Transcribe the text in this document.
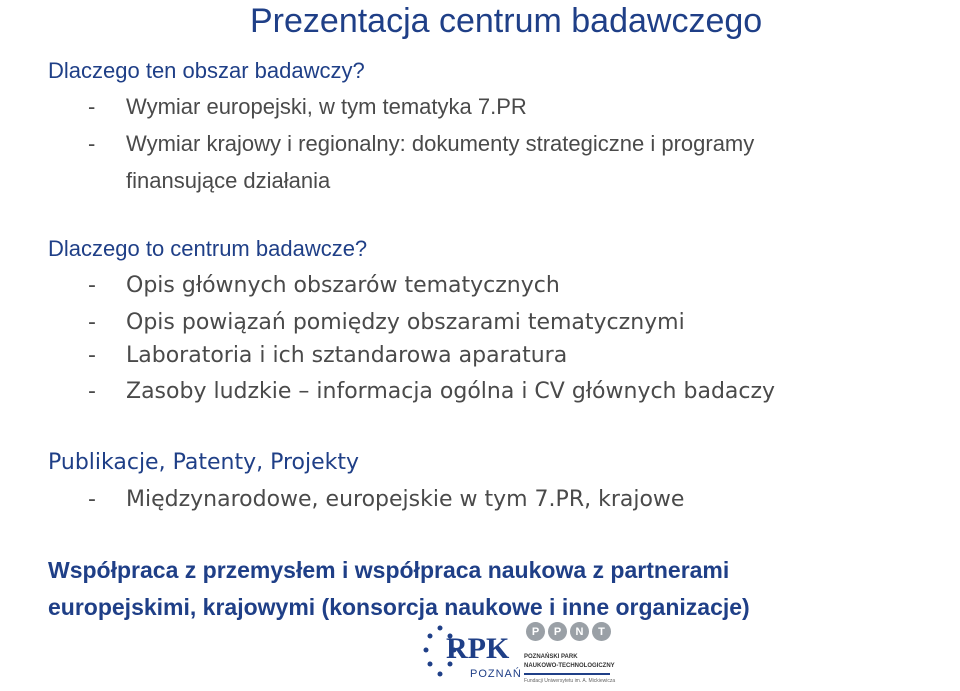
Prezentacja centrum badawczego
Dlaczego ten obszar badawczy?
- Wymiar europejski, w tym tematyka 7.PR
- Wymiar krajowy i regionalny: dokumenty strategiczne i programy
finansujące działania
Dlaczego to centrum badawcze?
- Opis głównych obszarów tematycznych
- Opis powiązań pomiędzy obszarami tematycznymi
- Laboratoria i ich sztandarowa aparatura
- Zasoby ludzkie – informacja ogólna i CV głównych badaczy
Publikacje, Patenty, Projekty
- Międzynarodowe, europejskie w tym 7.PR, krajowe
Współpraca z przemysłem i współpraca naukowa z partnerami
europejskimi, krajowymi (konsorcja naukowe i inne organizacje)
RPK
POZNAŃ
P	P	N	T
POZNAŃSKI PARK
NAUKOWO-TECHNOLOGICZNY
Fundacji Uniwersytetu im. A. Mickiewicza
